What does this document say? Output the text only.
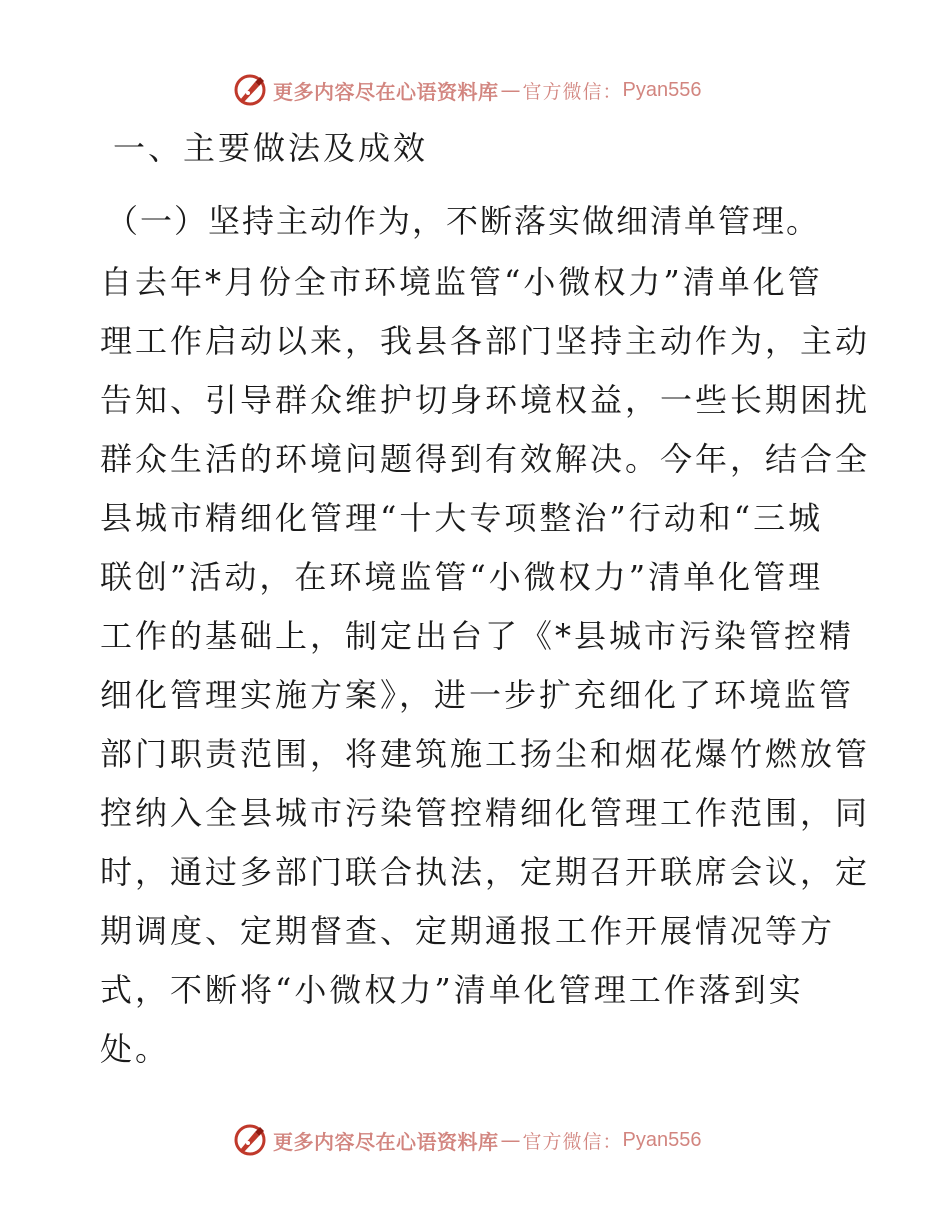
更多内容尽在心语资料库 — 官方微信： Pyan556
一、主要做法及成效
（一）坚持主动作为，不断落实做细清单管理。
自去年*月份全市环境监管“小微权力”清单化管
理工作启动以来，我县各部门坚持主动作为，主动
告知、引导群众维护切身环境权益，一些长期困扰
群众生活的环境问题得到有效解决。今年，结合全
县城市精细化管理“十大专项整治”行动和“三城
联创”活动，在环境监管“小微权力”清单化管理
工作的基础上，制定出台了《*县城市污染管控精
细化管理实施方案》，进一步扩充细化了环境监管
部门职责范围，将建筑施工扬尘和烟花爆竹燃放管
控纳入全县城市污染管控精细化管理工作范围，同
时，通过多部门联合执法，定期召开联席会议，定
期调度、定期督查、定期通报工作开展情况等方
式，不断将“小微权力”清单化管理工作落到实
处。
更多内容尽在心语资料库 — 官方微信： Pyan556
